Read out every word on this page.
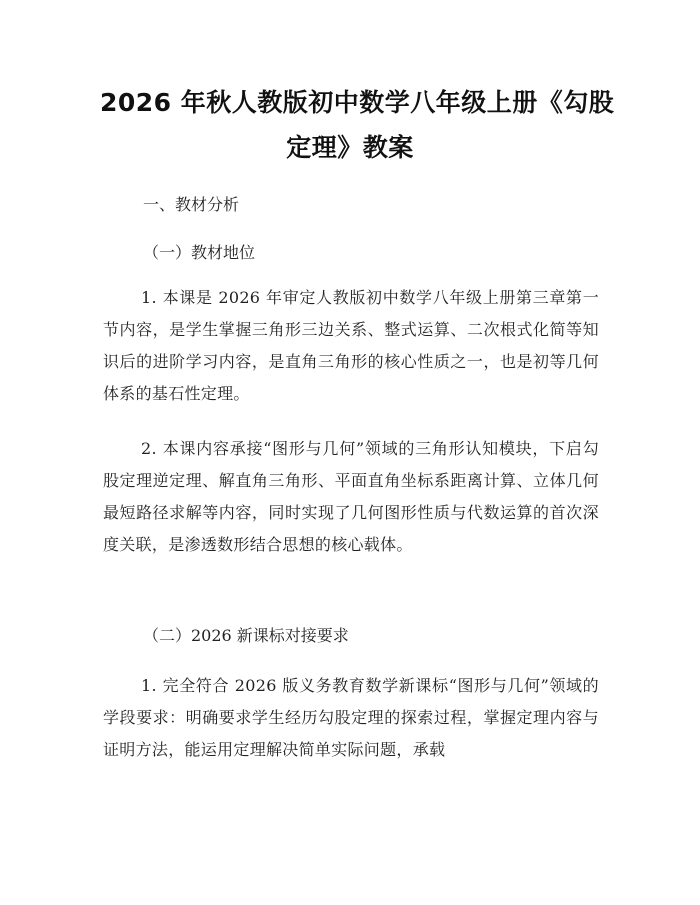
2026 年秋人教版初中数学八年级上册《勾股
定理》教案
一、教材分析
（一）教材地位
1. 本课是 2026 年审定人教版初中数学八年级上册第三章第一节内容，是学生掌握三角形三边关系、整式运算、二次根式化简等知识后的进阶学习内容，是直角三角形的核心性质之一，也是初等几何体系的基石性定理。
2. 本课内容承接“图形与几何”领域的三角形认知模块，下启勾股定理逆定理、解直角三角形、平面直角坐标系距离计算、立体几何最短路径求解等内容，同时实现了几何图形性质与代数运算的首次深度关联，是渗透数形结合思想的核心载体。
（二）2026 新课标对接要求
1. 完全符合 2026 版义务教育数学新课标“图形与几何”领域的学段要求：明确要求学生经历勾股定理的探索过程，掌握定理内容与证明方法，能运用定理解决简单实际问题，承载
